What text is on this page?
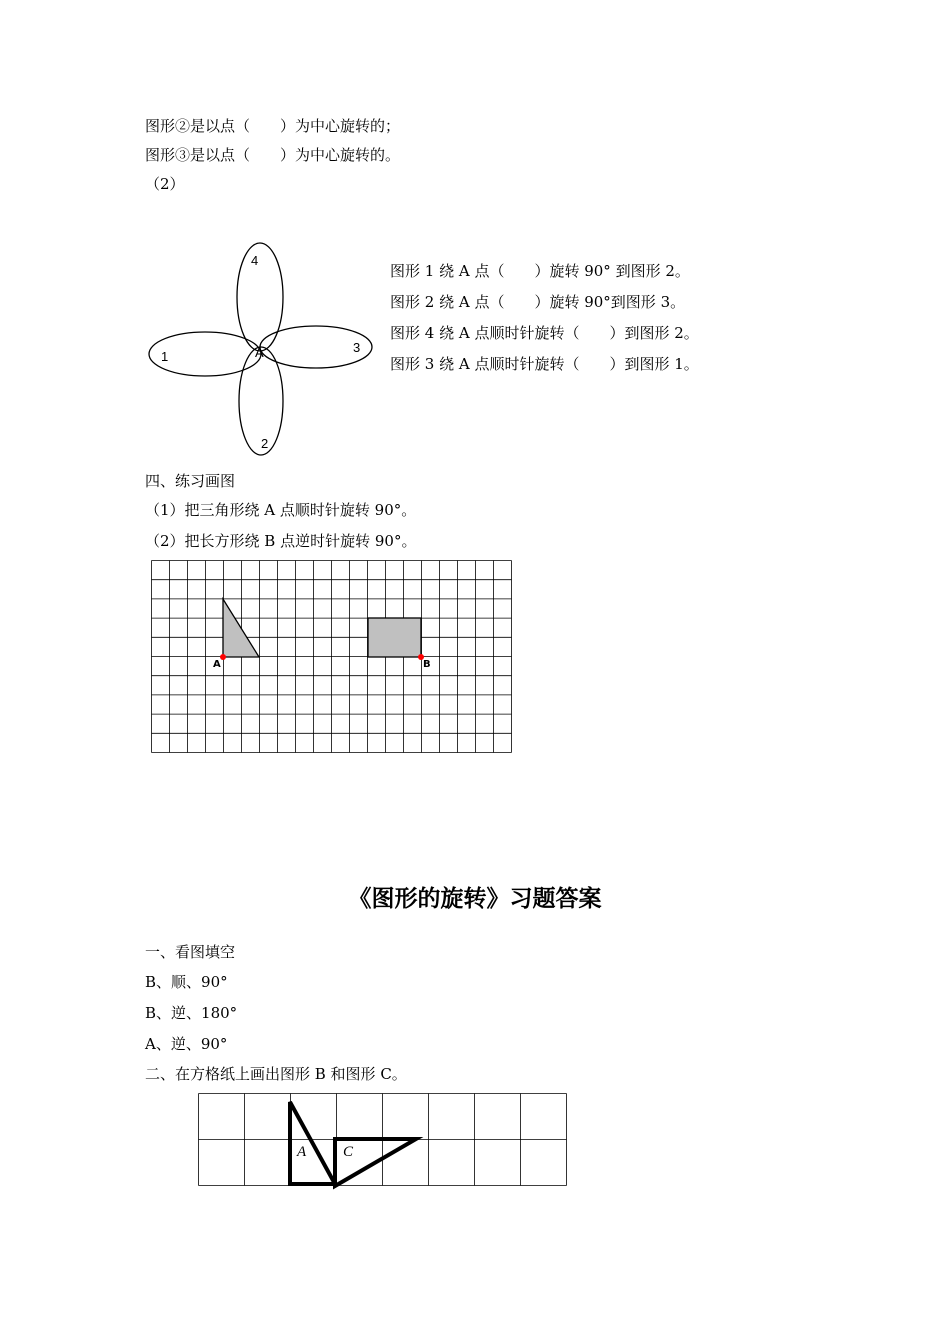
图形②是以点（　　）为中心旋转的；
图形③是以点（　　）为中心旋转的。
（2）
4
2
1
3
A
图形 1 绕 A 点（　　）旋转 90° 到图形 2。
图形 2 绕 A 点（　　）旋转 90°到图形 3。
图形 4 绕 A 点顺时针旋转（　　）到图形 2。
图形 3 绕 A 点顺时针旋转（　　）到图形 1。
四、练习画图
（1）把三角形绕 A 点顺时针旋转 90°。
（2）把长方形绕 B 点逆时针旋转 90°。
A	B
《图形的旋转》习题答案
一、看图填空
B、顺、90°
B、逆、180°
A、逆、90°
二、在方格纸上画出图形 B 和图形 C。
A C
